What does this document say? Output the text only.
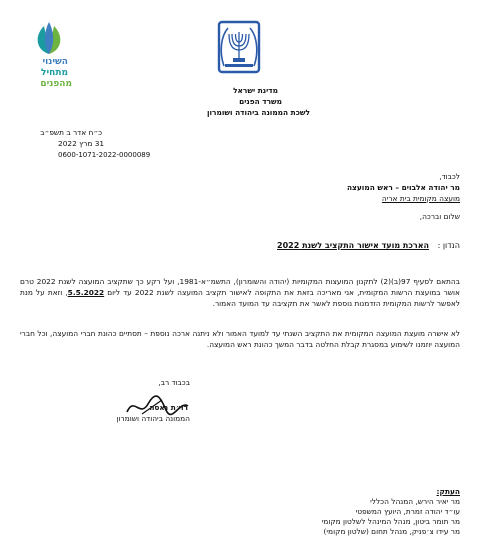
השינוי
מתחיל
מהפנים
מדינת ישראל
משרד הפנים
לשכת הממונה ביהודה ושומרון
כ״ח אדר ב תשפ״ב
31 מרץ 2022
0600-1071-2022-0000089
לכבוד,
מר יהודה אלבוים – ראש המועצה
מועצה מקומית בית אריה
שלום וברכה,
הנדון : הארכת מועד אישור התקציב לשנת 2022
בהתאם לסעיף 97(ב)(2) לתקנון המועצות המקומיות (יהודה והשומרון), התשמ״א-1981, ועל רקע כך שתקציב המועצה לשנת 2022 טרם אושר במועצת הרשות המקומית, אני מאריכה בזאת את התקופה לאישור תקציב המועצה לשנת 2022 עד ליום 5.5.2022, וזאת על מנת לאפשר לרשות המקומית הזדמנות נוספת לאשר את תקציבה עד המועד האמור.
לא אישרה מועצת המועצה המקומית את התקציב השנתי עד למועד האמור ולא ניתנה ארכה נוספת – תסתיים כהונת חברי המועצה, וכל חברי המועצה יוזמנו לשימוע במסגרת קבלת החלטה בדבר המשך כהונת ראש המועצה.
בכבוד רב,
רו״ת נאסה
הממונה ביהודה ושומרון
העתק:
מר יאיר הירש, המנהל הכללי
עו״ד יהודה זמרת, היועץ המשפטי
מר תומר ביטון, מנהל המינהל לשלטון מקומי
מר עידו צ׳פניק, מנהל תחום (שלטון מקומי)
